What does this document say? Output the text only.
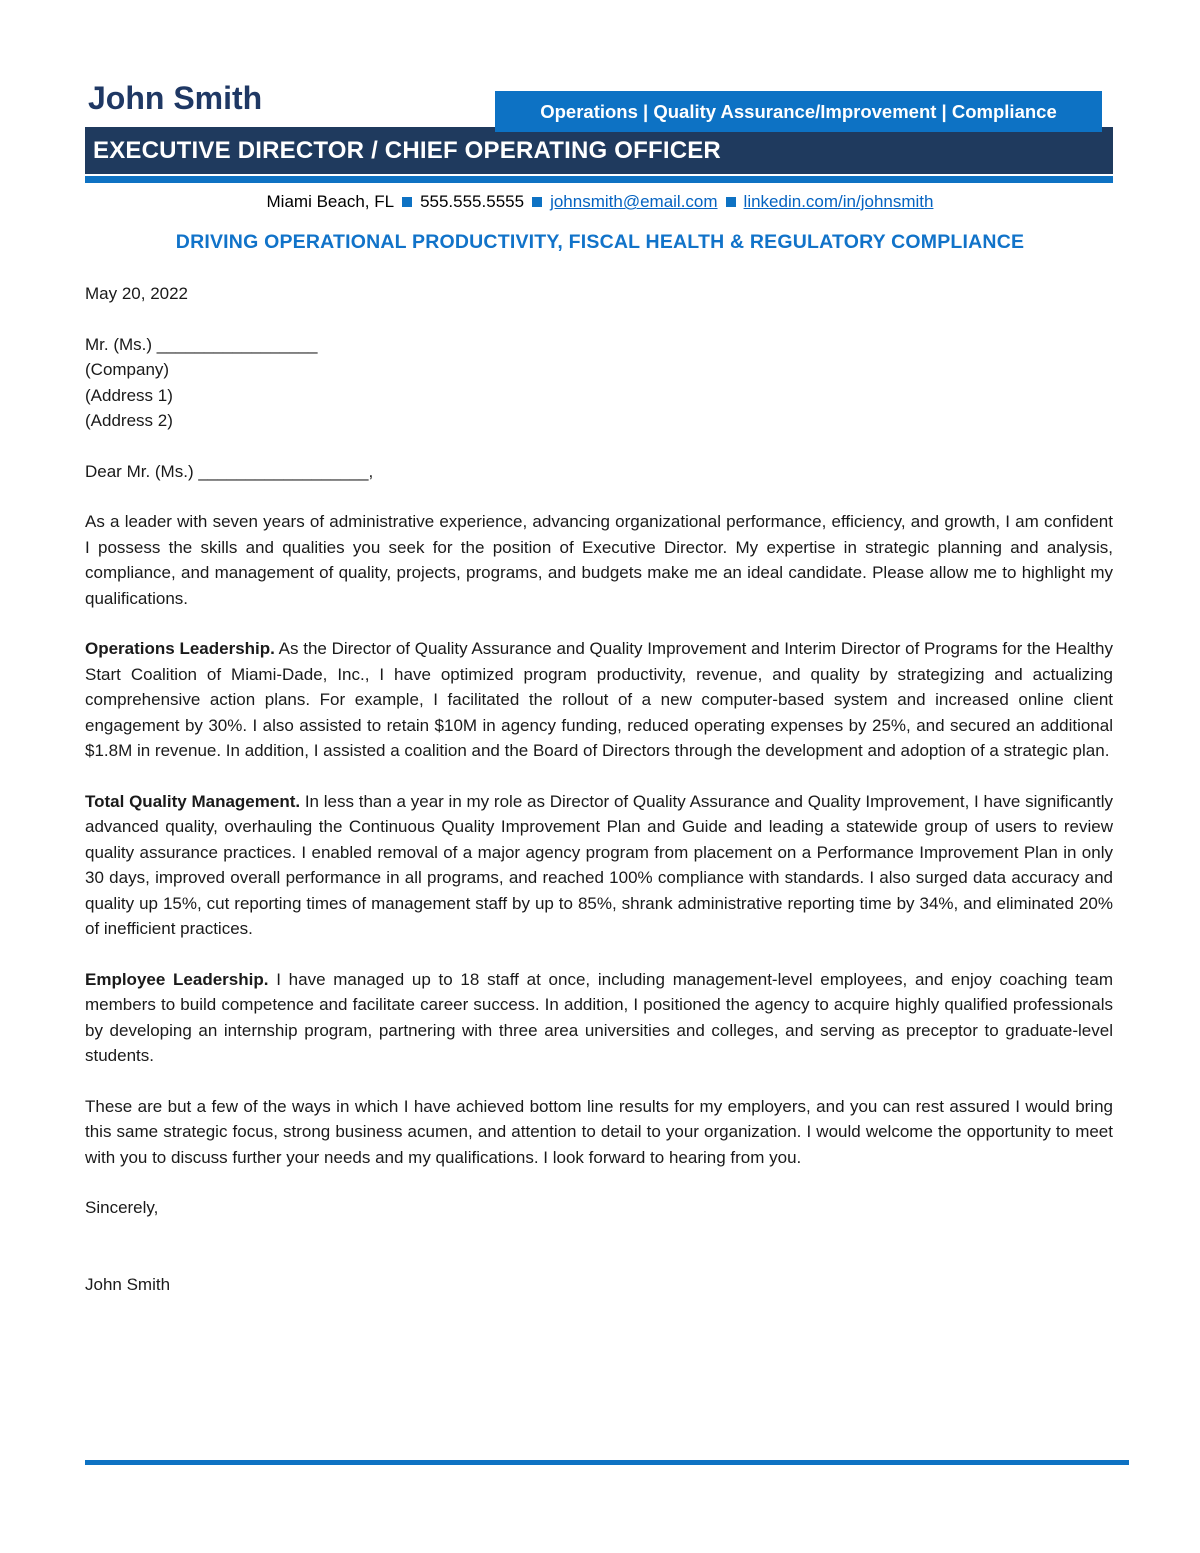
John Smith	Operations | Quality Assurance/Improvement | Compliance
EXECUTIVE DIRECTOR / CHIEF OPERATING OFFICER
Miami Beach, FL 555.555.5555 johnsmith@email.com linkedin.com/in/johnsmith
DRIVING OPERATIONAL PRODUCTIVITY, FISCAL HEALTH & REGULATORY COMPLIANCE

May 20, 2022

Mr. (Ms.) _________________

(Company)

(Address 1)

(Address 2)

Dear Mr. (Ms.) __________________,

As a leader with seven years of administrative experience, advancing organizational performance, efficiency, and growth, I am confident I possess the skills and qualities you seek for the position of Executive Director. My expertise in strategic planning and analysis, compliance, and management of quality, projects, programs, and budgets make me an ideal candidate. Please allow me to highlight my qualifications.

Operations Leadership. As the Director of Quality Assurance and Quality Improvement and Interim Director of Programs for the Healthy Start Coalition of Miami-Dade, Inc., I have optimized program productivity, revenue, and quality by strategizing and actualizing comprehensive action plans. For example, I facilitated the rollout of a new computer-based system and increased online client engagement by 30%. I also assisted to retain $10M in agency funding, reduced operating expenses by 25%, and secured an additional $1.8M in revenue. In addition, I assisted a coalition and the Board of Directors through the development and adoption of a strategic plan.

Total Quality Management. In less than a year in my role as Director of Quality Assurance and Quality Improvement, I have significantly advanced quality, overhauling the Continuous Quality Improvement Plan and Guide and leading a statewide group of users to review quality assurance practices. I enabled removal of a major agency program from placement on a Performance Improvement Plan in only 30 days, improved overall performance in all programs, and reached 100% compliance with standards. I also surged data accuracy and quality up 15%, cut reporting times of management staff by up to 85%, shrank administrative reporting time by 34%, and eliminated 20% of inefficient practices.

Employee Leadership. I have managed up to 18 staff at once, including management-level employees, and enjoy coaching team members to build competence and facilitate career success. In addition, I positioned the agency to acquire highly qualified professionals by developing an internship program, partnering with three area universities and colleges, and serving as preceptor to graduate-level students.

These are but a few of the ways in which I have achieved bottom line results for my employers, and you can rest assured I would bring this same strategic focus, strong business acumen, and attention to detail to your organization. I would welcome the opportunity to meet with you to discuss further your needs and my qualifications. I look forward to hearing from you.

Sincerely,

John Smith
